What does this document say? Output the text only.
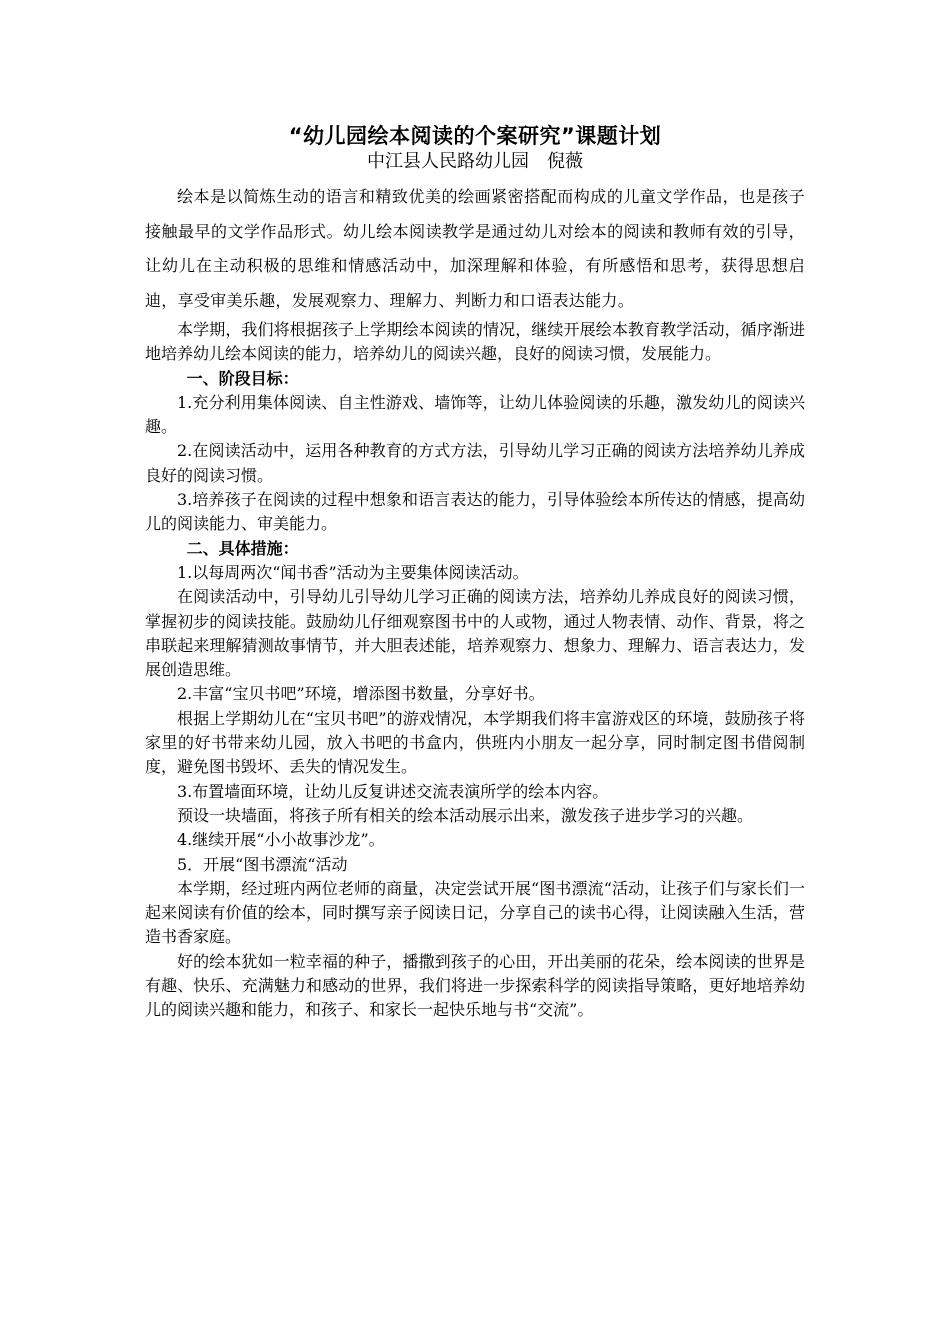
“幼儿园绘本阅读的个案研究”课题计划
中江县人民路幼儿园　倪薇

绘本是以简炼生动的语言和精致优美的绘画紧密搭配而构成的儿童文学作品，也是孩子接触最早的文学作品形式。幼儿绘本阅读教学是通过幼儿对绘本的阅读和教师有效的引导，让幼儿在主动积极的思维和情感活动中，加深理解和体验，有所感悟和思考，获得思想启迪，享受审美乐趣，发展观察力、理解力、判断力和口语表达能力。

本学期，我们将根据孩子上学期绘本阅读的情况，继续开展绘本教育教学活动，循序渐进地培养幼儿绘本阅读的能力，培养幼儿的阅读兴趣，良好的阅读习惯，发展能力。

一、阶段目标：

1.充分利用集体阅读、自主性游戏、墙饰等，让幼儿体验阅读的乐趣，激发幼儿的阅读兴趣。

2.在阅读活动中，运用各种教育的方式方法，引导幼儿学习正确的阅读方法培养幼儿养成良好的阅读习惯。

3.培养孩子在阅读的过程中想象和语言表达的能力，引导体验绘本所传达的情感，提高幼儿的阅读能力、审美能力。

二、具体措施：

1.以每周两次“闻书香”活动为主要集体阅读活动。

在阅读活动中，引导幼儿引导幼儿学习正确的阅读方法，培养幼儿养成良好的阅读习惯，掌握初步的阅读技能。鼓励幼儿仔细观察图书中的人或物，通过人物表情、动作、背景，将之串联起来理解猜测故事情节，并大胆表述能，培养观察力、想象力、理解力、语言表达力，发展创造思维。

2.丰富“宝贝书吧”环境，增添图书数量，分享好书。

根据上学期幼儿在“宝贝书吧”的游戏情况，本学期我们将丰富游戏区的环境，鼓励孩子将家里的好书带来幼儿园，放入书吧的书盒内，供班内小朋友一起分享，同时制定图书借阅制度，避免图书毁坏、丢失的情况发生。

3.布置墙面环境，让幼儿反复讲述交流表演所学的绘本内容。

预设一块墙面，将孩子所有相关的绘本活动展示出来，激发孩子进步学习的兴趣。

4.继续开展“小小故事沙龙”。

5．开展“图书漂流“活动

本学期，经过班内两位老师的商量，决定尝试开展“图书漂流“活动，让孩子们与家长们一起来阅读有价值的绘本，同时撰写亲子阅读日记，分享自己的读书心得，让阅读融入生活，营造书香家庭。

好的绘本犹如一粒幸福的种子，播撒到孩子的心田，开出美丽的花朵，绘本阅读的世界是有趣、快乐、充满魅力和感动的世界，我们将进一步探索科学的阅读指导策略，更好地培养幼儿的阅读兴趣和能力，和孩子、和家长一起快乐地与书“交流”。
